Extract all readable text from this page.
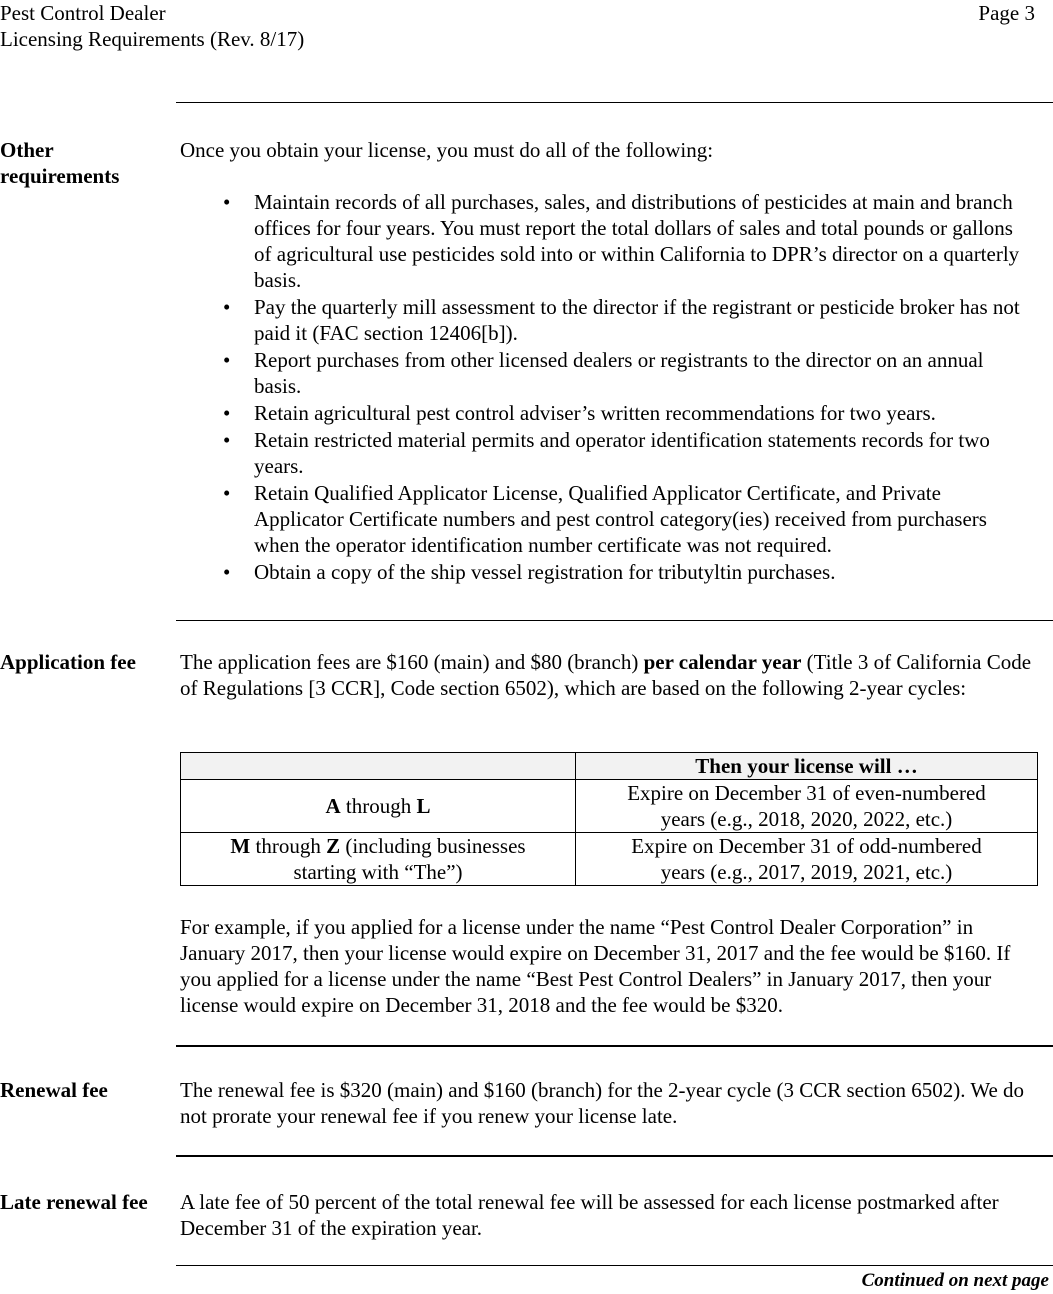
Pest Control Dealer
Licensing Requirements (Rev. 8/17)
Page 3
Other requirements
Once you obtain your license, you must do all of the following:
• Maintain records of all purchases, sales, and distributions of pesticides at main and branch offices for four years. You must report the total dollars of sales and total pounds or gallons of agricultural use pesticides sold into or within California to DPR’s director on a quarterly basis.
• Pay the quarterly mill assessment to the director if the registrant or pesticide broker has not paid it (FAC section 12406[b]).
• Report purchases from other licensed dealers or registrants to the director on an annual basis.
• Retain agricultural pest control adviser’s written recommendations for two years.
• Retain restricted material permits and operator identification statements records for two years.
• Retain Qualified Applicator License, Qualified Applicator Certificate, and Private Applicator Certificate numbers and pest control category(ies) received from purchasers when the operator identification number certificate was not required.
• Obtain a copy of the ship vessel registration for tributyltin purchases.
Application fee	The application fees are $160 (main) and $80 (branch) per calendar year (Title 3 of California Code of Regulations [3 CCR], Code section 6502), which are based on the following 2-year cycles:
	Then your license will …
A through L	Expire on December 31 of even-numbered years (e.g., 2018, 2020, 2022, etc.)
M through Z (including businesses starting with “The”)	Expire on December 31 of odd-numbered years (e.g., 2017, 2019, 2021, etc.)
For example, if you applied for a license under the name “Pest Control Dealer Corporation” in January 2017, then your license would expire on December 31, 2017 and the fee would be $160. If you applied for a license under the name “Best Pest Control Dealers” in January 2017, then your license would expire on December 31, 2018 and the fee would be $320.
Renewal fee	The renewal fee is $320 (main) and $160 (branch) for the 2-year cycle (3 CCR section 6502). We do not prorate your renewal fee if you renew your license late.
Late renewal fee A late fee of 50 percent of the total renewal fee will be assessed for each license postmarked after December 31 of the expiration year.
Continued on next page
